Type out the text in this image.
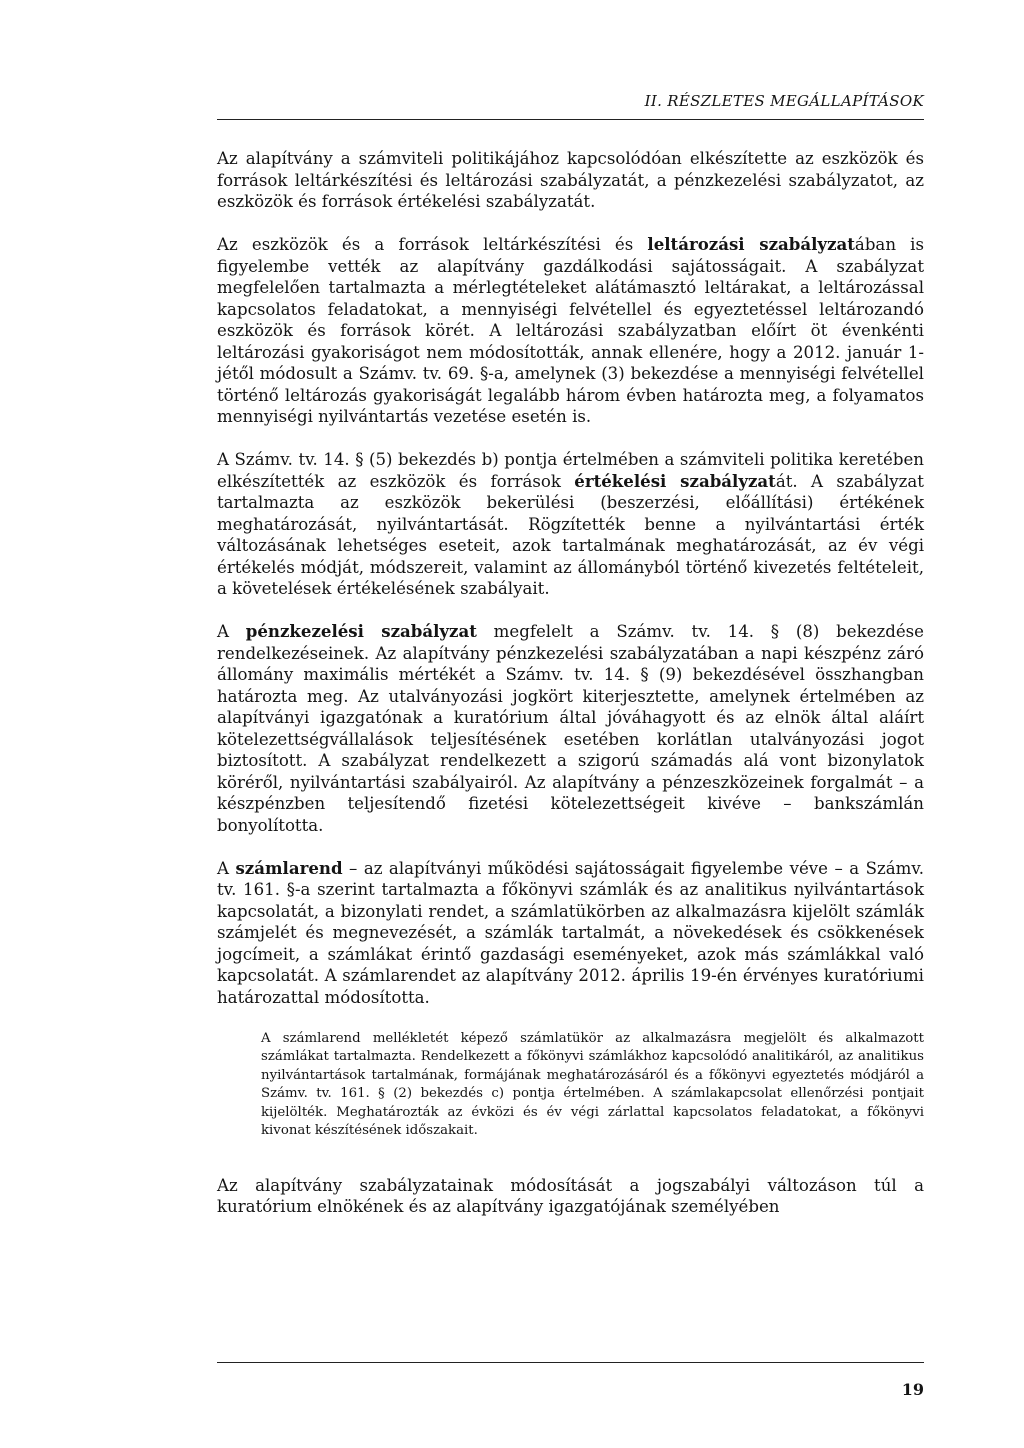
II. RÉSZLETES MEGÁLLAPÍTÁSOK

Az alapítvány a számviteli politikájához kapcsolódóan elkészítette az eszközök és források leltárkészítési és leltározási szabályzatát, a pénzkezelési szabályzatot, az eszközök és források értékelési szabályzatát.

Az eszközök és a források leltárkészítési és leltározási szabályzatában is figyelembe vették az alapítvány gazdálkodási sajátosságait. A szabályzat megfelelően tartalmazta a mérlegtételeket alátámasztó leltárakat, a leltározással kapcsolatos feladatokat, a mennyiségi felvétellel és egyeztetéssel leltározandó eszközök és források körét. A leltározási szabályzatban előírt öt évenkénti leltározási gyakoriságot nem módosították, annak ellenére, hogy a 2012. január 1-jétől módosult a Számv. tv. 69. §-a, amelynek (3) bekezdése a mennyiségi felvétellel történő leltározás gyakoriságát legalább három évben határozta meg, a folyamatos mennyiségi nyilvántartás vezetése esetén is.

A Számv. tv. 14. § (5) bekezdés b) pontja értelmében a számviteli politika keretében elkészítették az eszközök és források értékelési szabályzatát. A szabályzat tartalmazta az eszközök bekerülési (beszerzési, előállítási) értékének meghatározását, nyilvántartását. Rögzítették benne a nyilvántartási érték változásának lehetséges eseteit, azok tartalmának meghatározását, az év végi értékelés módját, módszereit, valamint az állományból történő kivezetés feltételeit, a követelések értékelésének szabályait.

A pénzkezelési szabályzat megfelelt a Számv. tv. 14. § (8) bekezdése rendelkezéseinek. Az alapítvány pénzkezelési szabályzatában a napi készpénz záró állomány maximális mértékét a Számv. tv. 14. § (9) bekezdésével összhangban határozta meg. Az utalványozási jogkört kiterjesztette, amelynek értelmében az alapítványi igazgatónak a kuratórium által jóváhagyott és az elnök által aláírt kötelezettségvállalások teljesítésének esetében korlátlan utalványozási jogot biztosított. A szabályzat rendelkezett a szigorú számadás alá vont bizonylatok köréről, nyilvántartási szabályairól. Az alapítvány a pénzeszközeinek forgalmát – a készpénzben teljesítendő fizetési kötelezettségeit kivéve – bankszámlán bonyolította.

A számlarend – az alapítványi működési sajátosságait figyelembe véve – a Számv. tv. 161. §-a szerint tartalmazta a főkönyvi számlák és az analitikus nyilvántartások kapcsolatát, a bizonylati rendet, a számlatükörben az alkalmazásra kijelölt számlák számjelét és megnevezését, a számlák tartalmát, a növekedések és csökkenések jogcímeit, a számlákat érintő gazdasági eseményeket, azok más számlákkal való kapcsolatát. A számlarendet az alapítvány 2012. április 19-én érvényes kuratóriumi határozattal módosította.

A számlarend mellékletét képező számlatükör az alkalmazásra megjelölt és alkalmazott számlákat tartalmazta. Rendelkezett a főkönyvi számlákhoz kapcsolódó analitikáról, az analitikus nyilvántartások tartalmának, formájának meghatározásáról és a főkönyvi egyeztetés módjáról a Számv. tv. 161. § (2) bekezdés c) pontja értelmében. A számlakapcsolat ellenőrzési pontjait kijelölték. Meghatározták az évközi és év végi zárlattal kapcsolatos feladatokat, a főkönyvi kivonat készítésének időszakait.

Az alapítvány szabályzatainak módosítását a jogszabályi változáson túl a kuratórium elnökének és az alapítvány igazgatójának személyében

19
